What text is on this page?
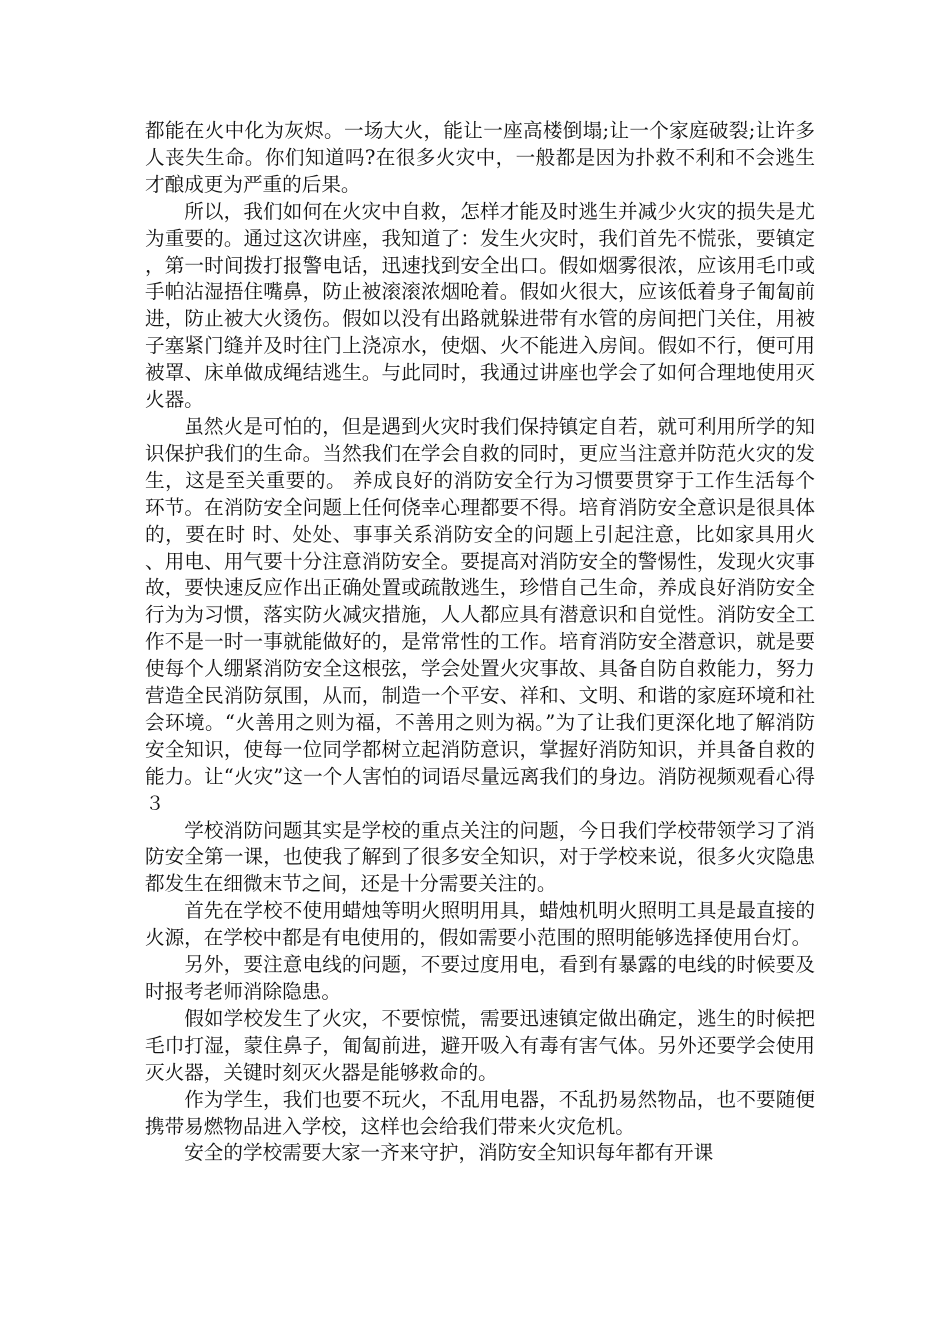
都能在火中化为灰烬。一场大火，能让一座高楼倒塌;让一个家庭破裂;让许多人丧失生命。你们知道吗?在很多火灾中，一般都是因为扑救不利和不会逃生才酿成更为严重的后果。

所以，我们如何在火灾中自救，怎样才能及时逃生并减少火灾的损失是尤为重要的。通过这次讲座，我知道了：发生火灾时，我们首先不慌张，要镇定，第一时间拨打报警电话，迅速找到安全出口。假如烟雾很浓，应该用毛巾或手帕沾湿捂住嘴鼻，防止被滚滚浓烟呛着。假如火很大，应该低着身子匍匐前进，防止被大火烫伤。假如以没有出路就躲进带有水管的房间把门关住，用被子塞紧门缝并及时往门上浇凉水，使烟、火不能进入房间。假如不行，便可用被罩、床单做成绳结逃生。与此同时，我通过讲座也学会了如何合理地使用灭火器。

虽然火是可怕的，但是遇到火灾时我们保持镇定自若，就可利用所学的知识保护我们的生命。当然我们在学会自救的同时，更应当注意并防范火灾的发生，这是至关重要的。 养成良好的消防安全行为习惯要贯穿于工作生活每个环节。在消防安全问题上任何侥幸心理都要不得。培育消防安全意识是很具体的，要在时 时、处处、事事关系消防安全的问题上引起注意，比如家具用火、用电、用气要十分注意消防安全。要提高对消防安全的警惕性，发现火灾事故，要快速反应作出正确处置或疏散逃生，珍惜自己生命，养成良好消防安全行为为习惯，落实防火减灾措施，人人都应具有潜意识和自觉性。消防安全工作不是一时一事就能做好的，是常常性的工作。培育消防安全潜意识，就是要使每个人绷紧消防安全这根弦，学会处置火灾事故、具备自防自救能力，努力营造全民消防氛围，从而，制造一个平安、祥和、文明、和谐的家庭环境和社会环境。“火善用之则为福，不善用之则为祸。”为了让我们更深化地了解消防安全知识，使每一位同学都树立起消防意识，掌握好消防知识，并具备自救的能力。让“火灾”这一个人害怕的词语尽量远离我们的身边。消防视频观看心得３

学校消防问题其实是学校的重点关注的问题，今日我们学校带领学习了消防安全第一课，也使我了解到了很多安全知识，对于学校来说，很多火灾隐患都发生在细微末节之间，还是十分需要关注的。

首先在学校不使用蜡烛等明火照明用具，蜡烛机明火照明工具是最直接的火源，在学校中都是有电使用的，假如需要小范围的照明能够选择使用台灯。

另外，要注意电线的问题，不要过度用电，看到有暴露的电线的时候要及时报考老师消除隐患。

假如学校发生了火灾，不要惊慌，需要迅速镇定做出确定，逃生的时候把毛巾打湿，蒙住鼻子，匍匐前进，避开吸入有毒有害气体。另外还要学会使用灭火器，关键时刻灭火器是能够救命的。

作为学生，我们也要不玩火，不乱用电器，不乱扔易然物品，也不要随便携带易燃物品进入学校，这样也会给我们带来火灾危机。

安全的学校需要大家一齐来守护，消防安全知识每年都有开课
